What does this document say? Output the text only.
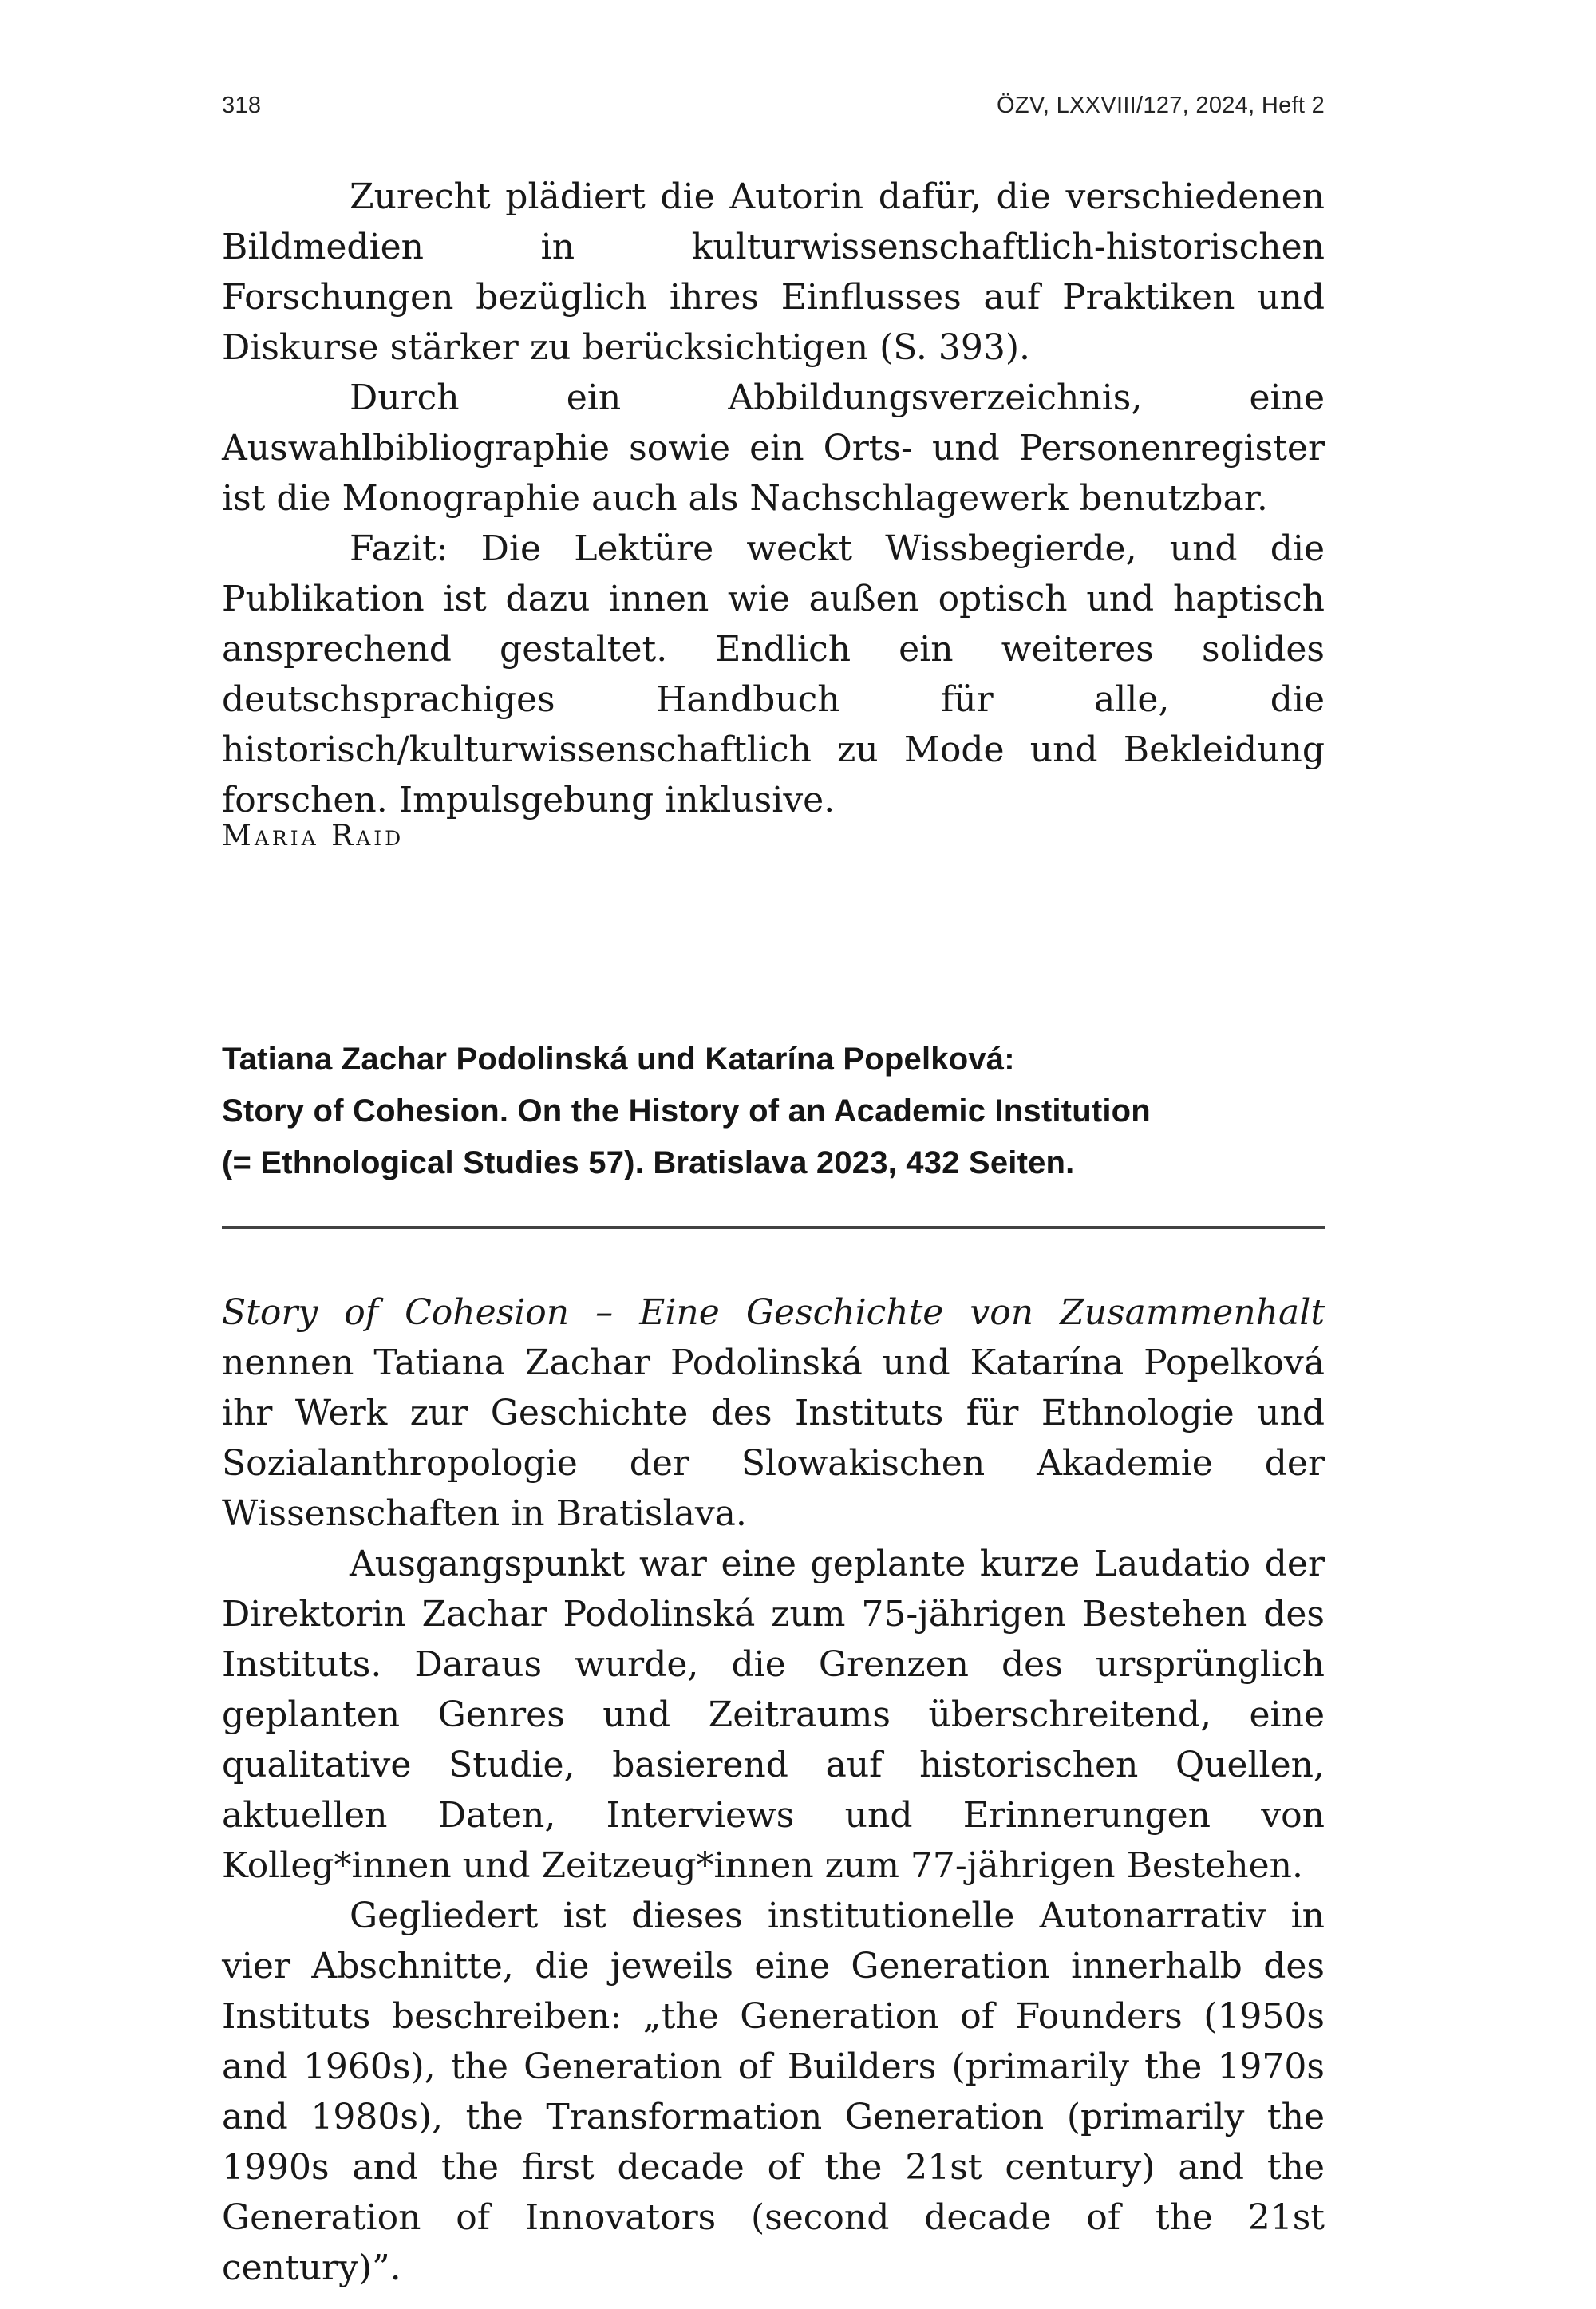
318	ÖZV, LXXVIII/127, 2024, Heft 2

Zurecht plädiert die Autorin dafür, die verschiedenen Bildmedien in kulturwissenschaftlich-historischen Forschungen bezüglich ihres Einflusses auf Praktiken und Diskurse stärker zu berücksichtigen (S. 393).

Durch ein Abbildungsverzeichnis, eine Auswahlbibliographie sowie ein Orts- und Personenregister ist die Monographie auch als Nachschlagewerk benutzbar.

Fazit: Die Lektüre weckt Wissbegierde, und die Publikation ist dazu innen wie außen optisch und haptisch ansprechend gestaltet. Endlich ein weiteres solides deutschsprachiges Handbuch für alle, die historisch/kulturwissenschaftlich zu Mode und Bekleidung forschen. Impulsgebung inklusive.

Maria Raid
Tatiana Zachar Podolinská und Katarína Popelková:
Story of Cohesion. On the History of an Academic Institution
(= Ethnological Studies 57). Bratislava 2023, 432 Seiten.

Story of Cohesion – Eine Geschichte von Zusammenhalt nennen Tatiana Zachar Podolinská und Katarína Popelková ihr Werk zur Geschichte des Instituts für Ethnologie und Sozialanthropologie der Slowakischen Akademie der Wissenschaften in Bratislava.

Ausgangspunkt war eine geplante kurze Laudatio der Direktorin Zachar Podolinská zum 75-jährigen Bestehen des Instituts. Daraus wurde, die Grenzen des ursprünglich geplanten Genres und Zeitraums überschreitend, eine qualitative Studie, basierend auf historischen Quellen, aktuellen Daten, Interviews und Erinnerungen von Kolleg*innen und Zeitzeug*innen zum 77-jährigen Bestehen.

Gegliedert ist dieses institutionelle Autonarrativ in vier Abschnitte, die jeweils eine Generation innerhalb des Instituts beschreiben: „the Generation of Founders (1950s and 1960s), the Generation of Builders (primarily the 1970s and 1980s), the Transformation Generation (primarily the 1990s and the first decade of the 21st century) and the Generation of Innovators (second decade of the 21st century)”.
